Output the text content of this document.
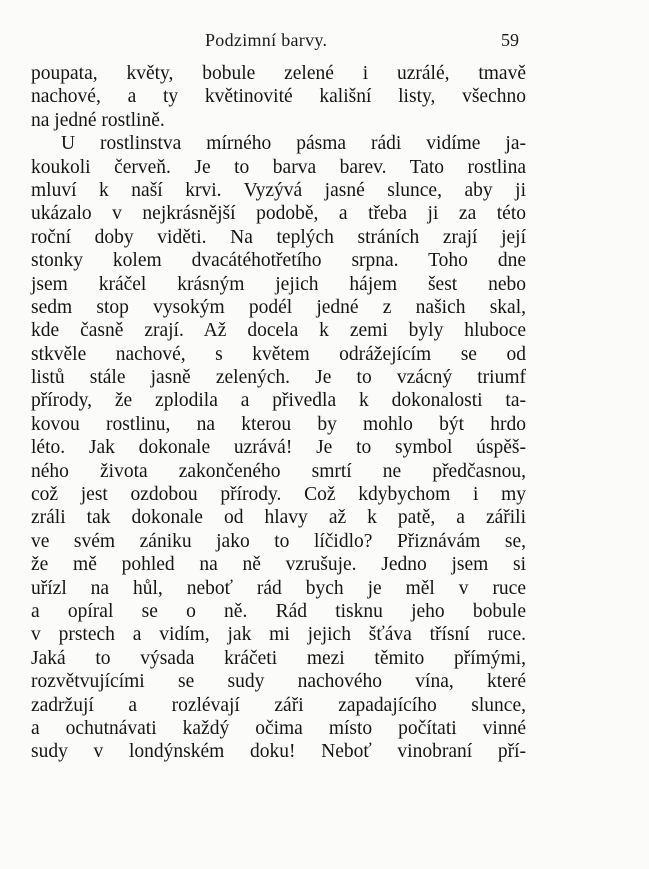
Podzimní barvy.	59
poupata, květy, bobule zelené i uzrálé, tmavě
nachové, a ty květinovité kališní listy, všechno
na jedné rostlině.
U rostlinstva mírného pásma rádi vidíme ja-
koukoli červeň. Je to barva barev. Tato rostlina
mluví k naší krvi. Vyzývá jasné slunce, aby ji
ukázalo v nejkrásnější podobě, a třeba ji za této
roční doby viděti. Na teplých stráních zrají její
stonky kolem dvacátéhotřetího srpna. Toho dne
jsem kráčel krásným jejich hájem šest nebo
sedm stop vysokým podél jedné z našich skal,
kde časně zrají. Až docela k zemi byly hluboce
stkvěle nachové, s květem odrážejícím se od
listů stále jasně zelených. Je to vzácný triumf
přírody, že zplodila a přivedla k dokonalosti ta-
kovou rostlinu, na kterou by mohlo být hrdo
léto. Jak dokonale uzrává! Je to symbol úspěš-
ného života zakončeného smrtí ne předčasnou,
což jest ozdobou přírody. Což kdybychom i my
zráli tak dokonale od hlavy až k patě, a zářili
ve svém zániku jako to líčidlo? Přiznávám se,
že mě pohled na ně vzrušuje. Jedno jsem si
uřízl na hůl, neboť rád bych je měl v ruce
a opíral se o ně. Rád tisknu jeho bobule
v prstech a vidím, jak mi jejich šťáva třísní ruce.
Jaká to výsada kráčeti mezi těmito přímými,
rozvětvujícími se sudy nachového vína, které
zadržují a rozlévají záři zapadajícího slunce,
a ochutnávati každý očima místo počítati vinné
sudy v londýnském doku! Neboť vinobraní pří-
